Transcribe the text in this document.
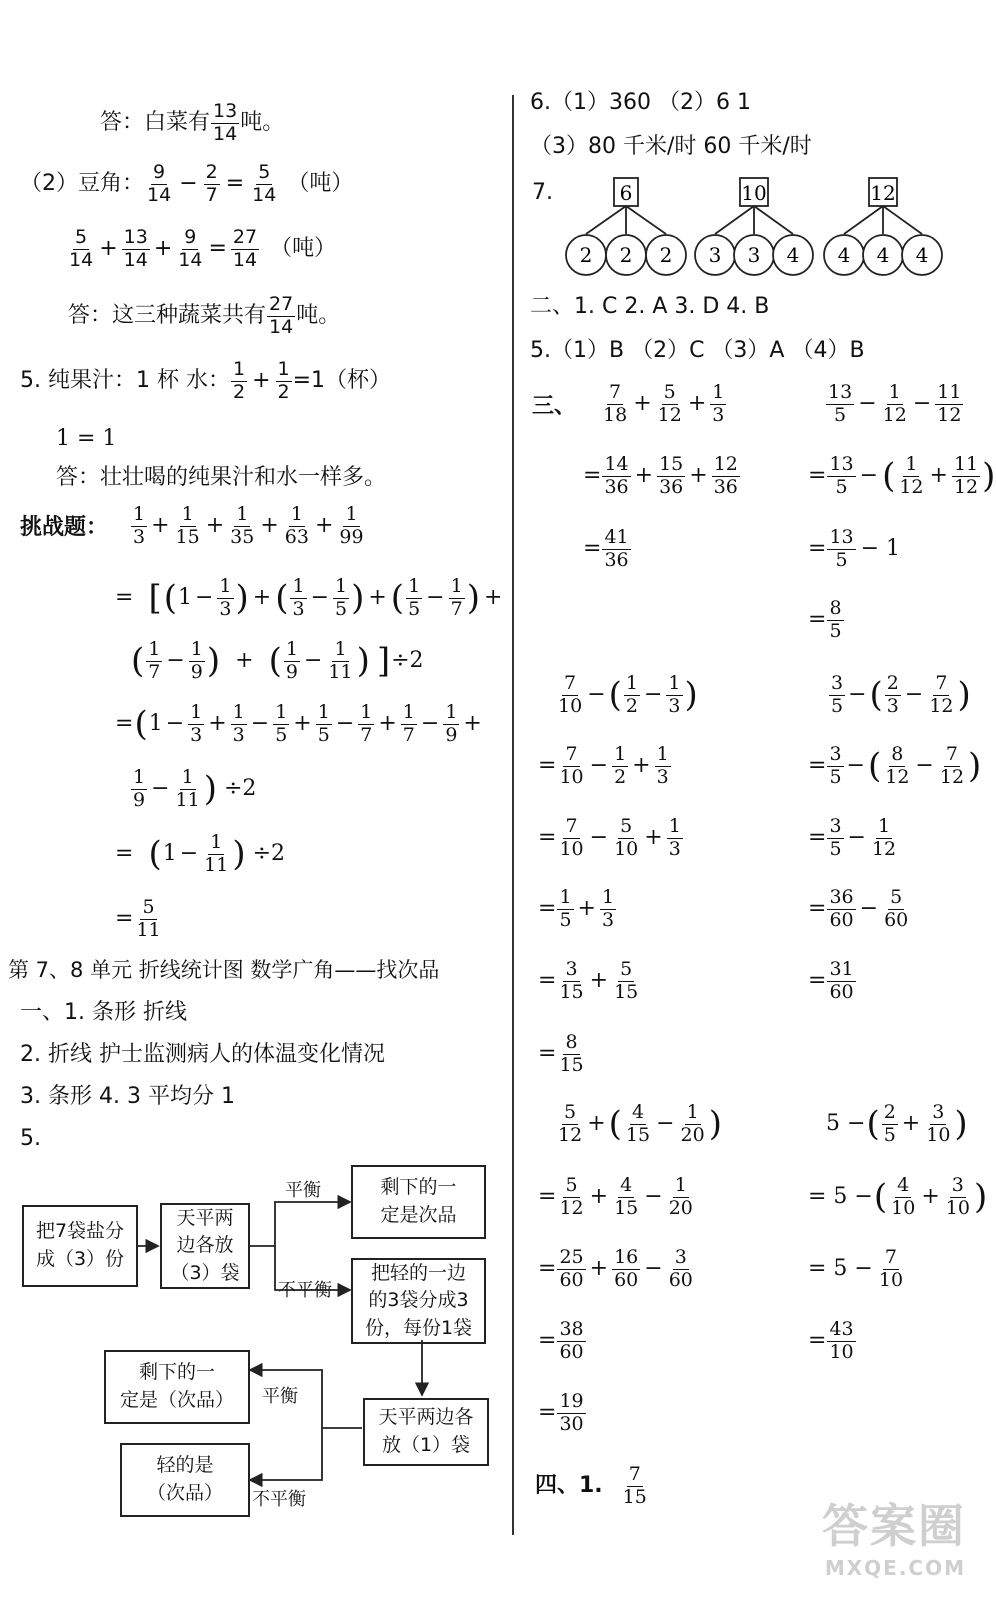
答：白菜有 $\frac{13}{14}$ 吨。
（2）豆角： $\frac{9}{14} - \frac{2}{7} = \frac{5}{14}$ （吨）
$\frac{5}{14} + \frac{13}{14} + \frac{9}{14} = \frac{27}{14}$ （吨）
答：这三种蔬菜共有 $\frac{27}{14}$ 吨。
5. 纯果汁：1 杯 水： $\frac{1}{2} + \frac{1}{2} =1$（杯）
1 = 1
答：壮壮喝的纯果汁和水一样多。
挑战题： $\frac{1}{3} + \frac{1}{15} + \frac{1}{35} + \frac{1}{63} + \frac{1}{99}$
= [ ( $1 - \frac{1}{3}$ ) + ( $\frac{1}{3} - \frac{1}{5}$ ) + ( $\frac{1}{5} - \frac{1}{7}$ ) +
( $\frac{1}{7} - \frac{1}{9}$ ) + ( $\frac{1}{9} - \frac{1}{11}$ ) ] ÷2
= ( $1 - \frac{1}{3} + \frac{1}{3} - \frac{1}{5} + \frac{1}{5} - \frac{1}{7} + \frac{1}{7} - \frac{1}{9}$ +
$\frac{1}{9} - \frac{1}{11}$ ) ÷2
= ( $1 - \frac{1}{11}$ ) ÷2
= $\frac{5}{11}$
第 7、8 单元 折线统计图 数学广角——找次品
一、1. 条形 折线
2. 折线 护士监测病人的体温变化情况
3. 条形 4. 3 平均分 1
5.
把7袋盐分
成（3）份
天平两
边各放
（3）袋
剩下的一
定是次品
把轻的一边
的3袋分成3
份，每份1袋
天平两边各
放（1）袋
剩下的一
定是（次品）
轻的是
（次品）
平衡
不平衡
平衡
不平衡
6.（1）360 （2）6 1
（3）80 千米/时 60 千米/时
7.	6
2 2 2
10
3 3 4
12
4 4 4
二、1. C 2. A 3. D 4. B
5.（1）B （2）C （3）A （4）B
三、 $\frac{7}{18} + \frac{5}{12} + \frac{1}{3}$
= $\frac{14}{36} + \frac{15}{36} + \frac{12}{36}$
= $\frac{41}{36}$
$\frac{13}{5} - \frac{1}{12} - \frac{11}{12}$
= $\frac{13}{5}$ − ( $\frac{1}{12} + \frac{11}{12}$ )
= $\frac{13}{5} - 1$
= $\frac{8}{5}$
$\frac{7}{10}$ − ( $\frac{1}{2} - \frac{1}{3}$ )
= $\frac{7}{10} - \frac{1}{2} + \frac{1}{3}$
= $\frac{7}{10} - \frac{5}{10} + \frac{1}{3}$
= $\frac{1}{5} + \frac{1}{3}$
= $\frac{3}{15} + \frac{5}{15}$
= $\frac{8}{15}$
$\frac{3}{5}$ − ( $\frac{2}{3} - \frac{7}{12}$ )
= $\frac{3}{5}$ − ( $\frac{8}{12} - \frac{7}{12}$ )
= $\frac{3}{5} - \frac{1}{12}$
= $\frac{36}{60} - \frac{5}{60}$
= $\frac{31}{60}$
$\frac{5}{12}$ + ( $\frac{4}{15} - \frac{1}{20}$ )
= $\frac{5}{12} + \frac{4}{15} - \frac{1}{20}$
= $\frac{25}{60} + \frac{16}{60} - \frac{3}{60}$
= $\frac{38}{60}$
= $\frac{19}{30}$
5 − ( $\frac{2}{5} + \frac{3}{10}$ )
= 5 − ( $\frac{4}{10} + \frac{3}{10}$ )
= $5 - \frac{7}{10}$
= $\frac{43}{10}$
四、1. $\frac{7}{15}$
答案圈
MXQE.COM
